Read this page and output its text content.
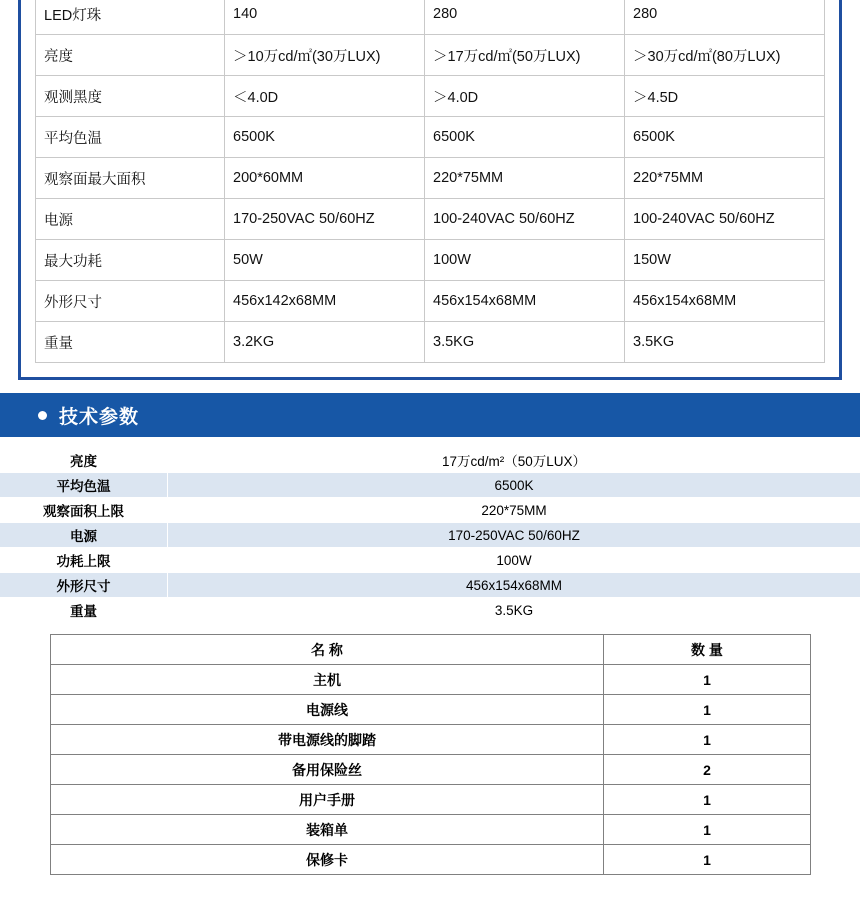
LED灯珠	140	280	280
亮度	＞10万cd/㎡(30万LUX)	＞17万cd/㎡(50万LUX)	＞30万cd/㎡(80万LUX)
观测黑度	＜4.0D	＞4.0D	＞4.5D
平均色温	6500K	6500K	6500K
观察面最大面积	200*60MM	220*75MM	220*75MM
电源	170-250VAC 50/60HZ	100-240VAC 50/60HZ	100-240VAC 50/60HZ
最大功耗	50W	100W	150W
外形尺寸	456x142x68MM	456x154x68MM	456x154x68MM
重量	3.2KG	3.5KG	3.5KG
技术参数
亮度	17万cd/m²（50万LUX）
平均色温	6500K
观察面积上限	220*75MM
电源	170-250VAC 50/60HZ
功耗上限	100W
外形尺寸	456x154x68MM
重量	3.5KG
名 称	数 量
主机	1
电源线	1
带电源线的脚踏	1
备用保险丝	2
用户手册	1
装箱单	1
保修卡	1
